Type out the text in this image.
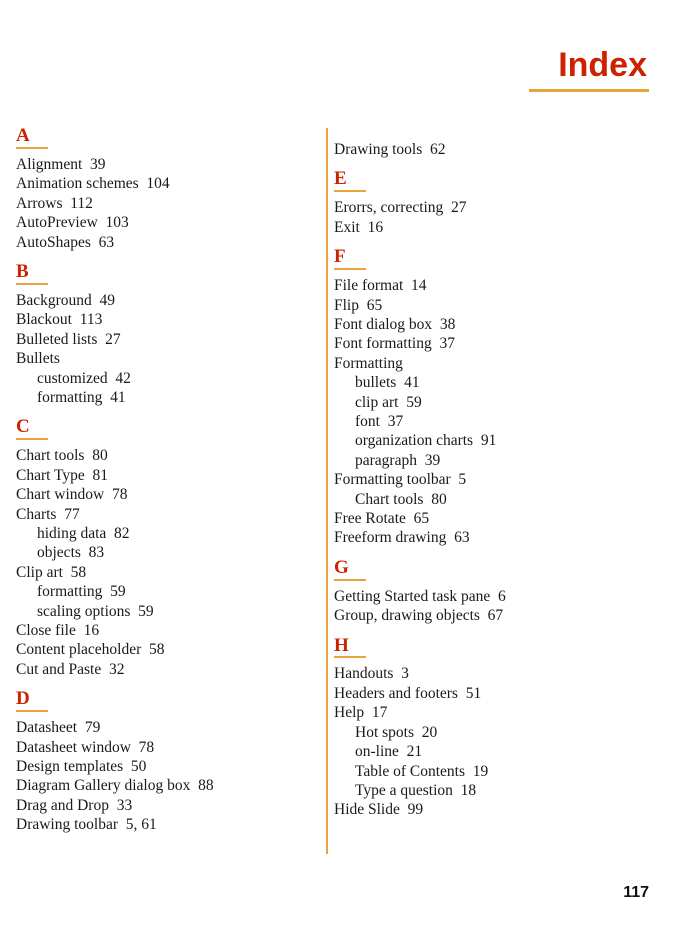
Index
A
Alignment  39
Animation schemes  104
Arrows  112
AutoPreview  103
AutoShapes  63
B
Background  49
Blackout  113
Bulleted lists  27
Bullets
customized  42
formatting  41
C
Chart tools  80
Chart Type  81
Chart window  78
Charts  77
hiding data  82
objects  83
Clip art  58
formatting  59
scaling options  59
Close file  16
Content placeholder  58
Cut and Paste  32
D
Datasheet  79
Datasheet window  78
Design templates  50
Diagram Gallery dialog box  88
Drag and Drop  33
Drawing toolbar  5, 61
Drawing tools  62
E
Erorrs, correcting  27
Exit  16
F
File format  14
Flip  65
Font dialog box  38
Font formatting  37
Formatting
bullets  41
clip art  59
font  37
organization charts  91
paragraph  39
Formatting toolbar  5
Chart tools  80
Free Rotate  65
Freeform drawing  63
G
Getting Started task pane  6
Group, drawing objects  67
H
Handouts  3
Headers and footers  51
Help  17
Hot spots  20
on-line  21
Table of Contents  19
Type a question  18
Hide Slide  99
117
